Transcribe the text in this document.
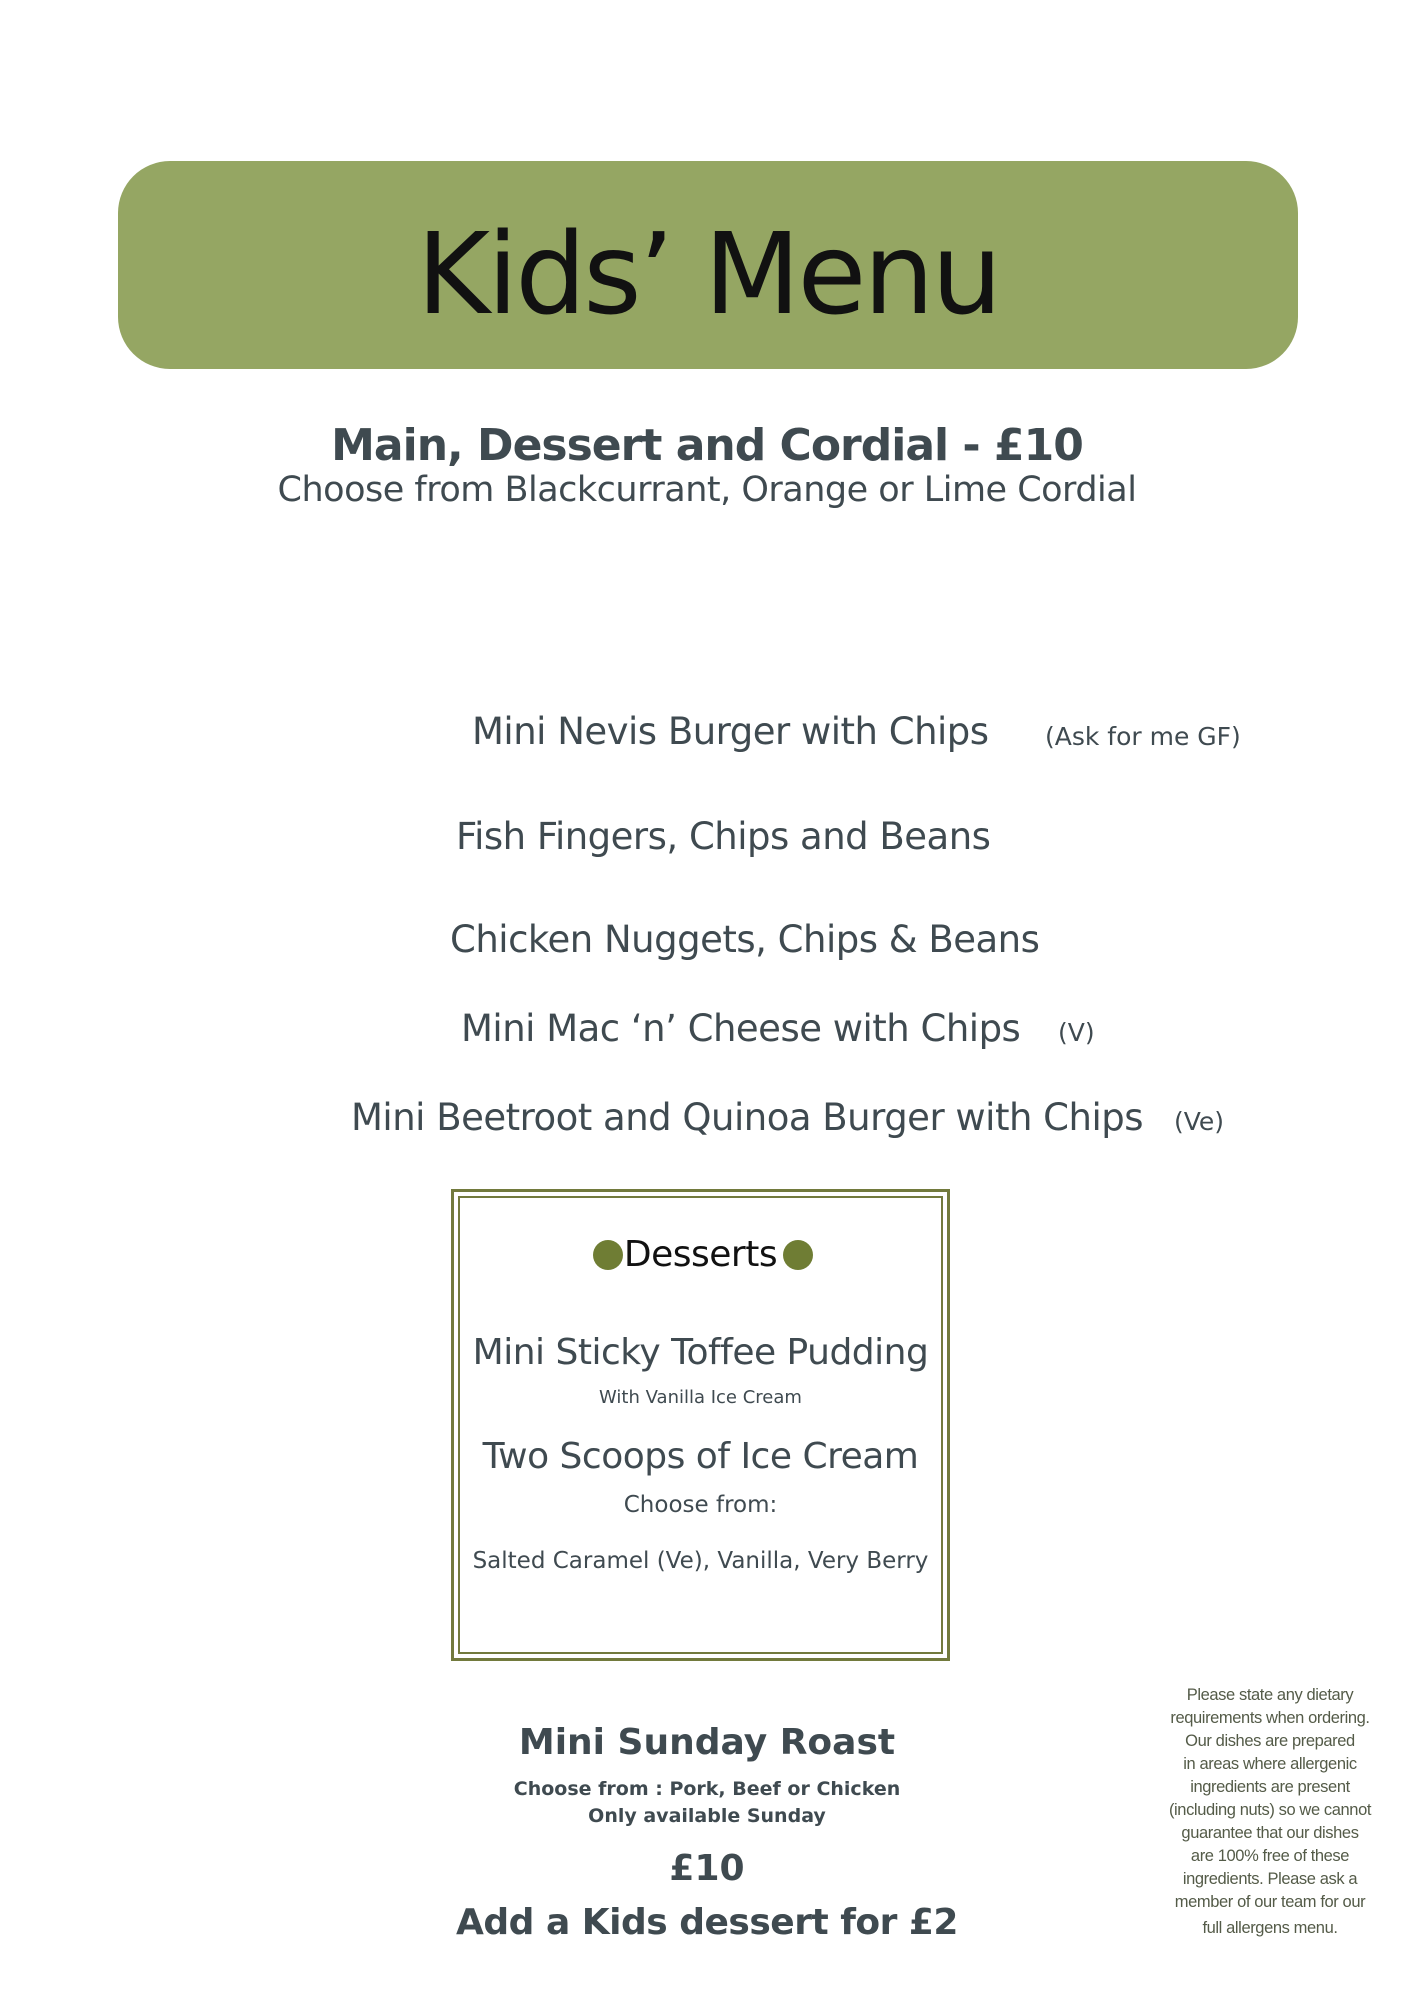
Kids’ Menu
Main, Dessert and Cordial - £10
Choose from Blackcurrant, Orange or Lime Cordial
Mini Nevis Burger with Chips (Ask for me GF)
Fish Fingers, Chips and Beans
Chicken Nuggets, Chips & Beans
Mini Mac ‘n’ Cheese with Chips (V)
Mini Beetroot and Quinoa Burger with Chips (Ve)
Desserts
Mini Sticky Toffee Pudding
With Vanilla Ice Cream
Two Scoops of Ice Cream
Choose from:
Salted Caramel (Ve), Vanilla, Very Berry
Mini Sunday Roast
Choose from : Pork, Beef or Chicken
Only available Sunday
£10
Add a Kids dessert for £2
Please state any dietary
requirements when ordering.
Our dishes are prepared
in areas where allergenic
ingredients are present
(including nuts) so we cannot
guarantee that our dishes
are 100% free of these
ingredients. Please ask a
member of our team for our
full allergens menu.
